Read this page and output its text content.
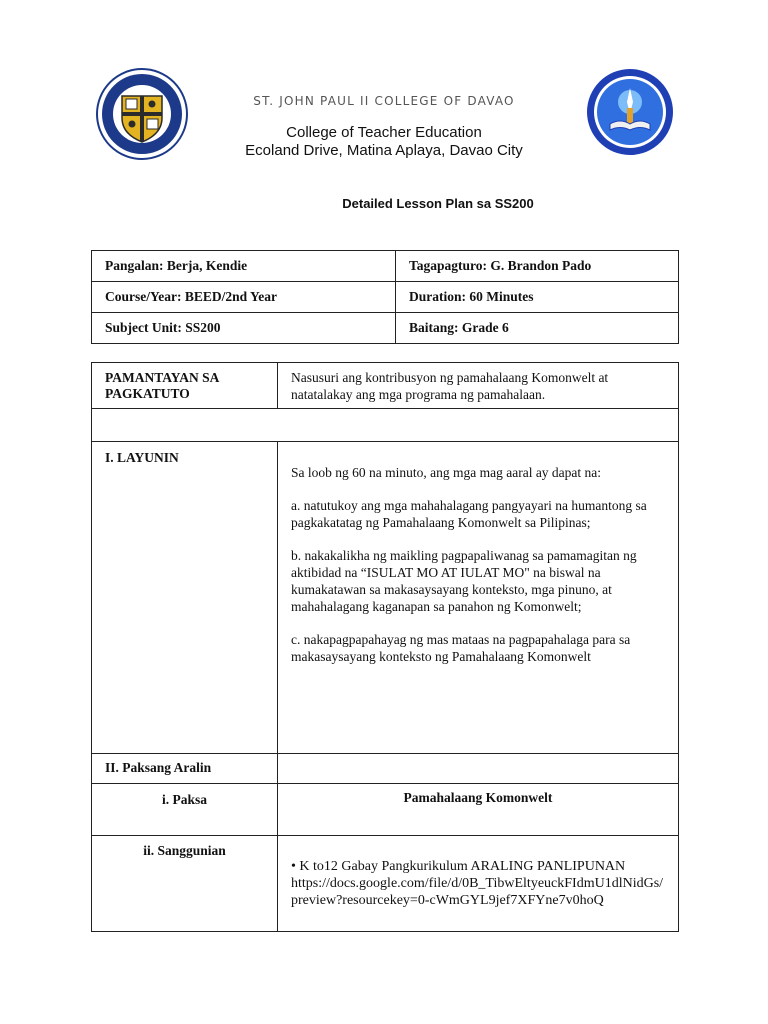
ST. JOHN PAUL II COLLEGE OF DAVAO
College of Teacher Education
Ecoland Drive, Matina Aplaya, Davao City
Detailed Lesson Plan sa SS200
Pangalan: Berja, Kendie	Tagapagturo: G. Brandon Pado
Course/Year: BEED/2nd Year	Duration: 60 Minutes
Subject Unit: SS200	Baitang: Grade 6
PAMANTAYAN SA PAGKATUTO	Nasusuri ang kontribusyon ng pamahalaang Komonwelt at natatalakay ang mga programa ng pamahalaan.

I. LAYUNIN	Sa loob ng 60 na minuto, ang mga mag aaral ay dapat na:

a. natutukoy ang mga mahahalagang pangyayari na humantong sa pagkakatatag ng Pamahalaang Komonwelt sa Pilipinas;

b. nakakalikha ng maikling pagpapaliwanag sa pamamagitan ng aktibidad na “ISULAT MO AT IULAT MO" na biswal na kumakatawan sa makasaysayang konteksto, mga pinuno, at mahahalagang kaganapan sa panahon ng Komonwelt;

c. nakapagpapahayag ng mas mataas na pagpapahalaga para sa makasaysayang konteksto ng Pamahalaang Komonwelt

II. Paksang Aralin	

i. Paksa	Pamahalaang Komonwelt

ii. Sanggunian	• K to12 Gabay Pangkurikulum ARALING PANLIPUNAN
https://docs.google.com/file/d/0B_TibwEltyeuckFIdmU1dlNidGs/
preview?resourcekey=0-cWmGYL9jef7XFYne7v0hoQ
